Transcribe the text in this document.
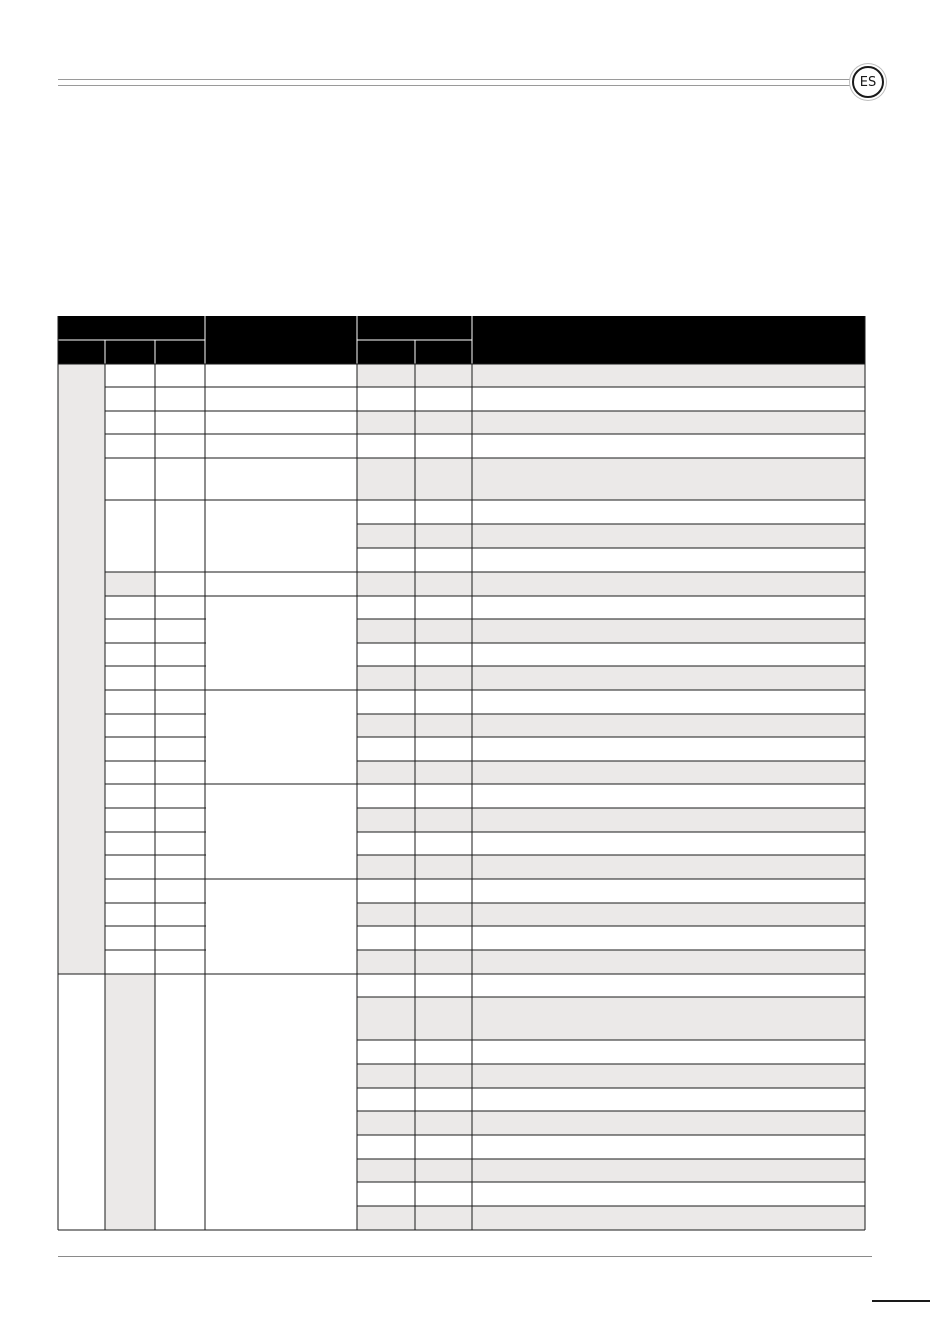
ES
